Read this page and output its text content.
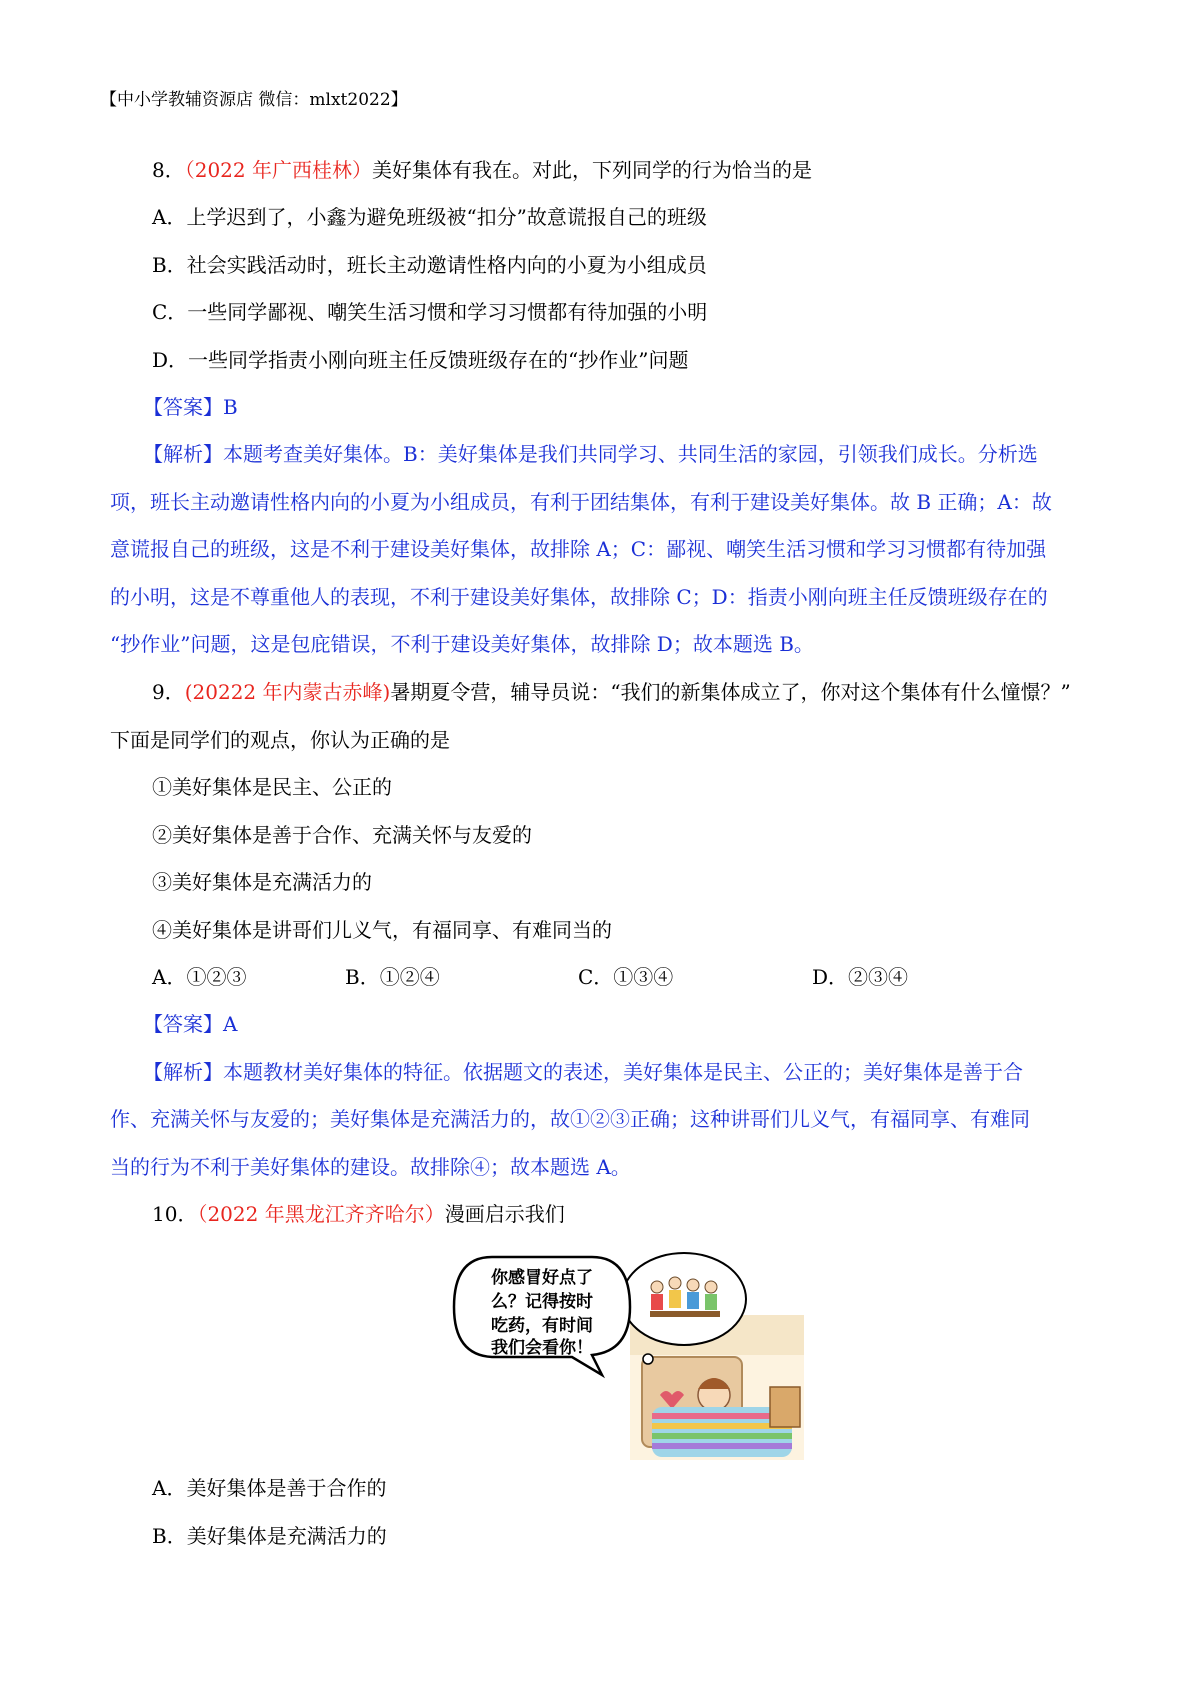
【中小学教辅资源店 微信：mlxt2022】
8．（2022 年广西桂林）美好集体有我在。对此，下列同学的行为恰当的是
A．上学迟到了，小鑫为避免班级被“扣分”故意谎报自己的班级
B．社会实践活动时，班长主动邀请性格内向的小夏为小组成员
C．一些同学鄙视、嘲笑生活习惯和学习习惯都有待加强的小明
D．一些同学指责小刚向班主任反馈班级存在的“抄作业”问题
【答案】B
【解析】本题考查美好集体。B：美好集体是我们共同学习、共同生活的家园，引领我们成长。分析选
项，班长主动邀请性格内向的小夏为小组成员，有利于团结集体，有利于建设美好集体。故 B 正确；A：故
意谎报自己的班级，这是不利于建设美好集体，故排除 A；C：鄙视、嘲笑生活习惯和学习习惯都有待加强
的小明，这是不尊重他人的表现，不利于建设美好集体，故排除 C；D：指责小刚向班主任反馈班级存在的
“抄作业”问题，这是包庇错误，不利于建设美好集体，故排除 D；故本题选 B。
9．(20222 年内蒙古赤峰)暑期夏令营，辅导员说：“我们的新集体成立了，你对这个集体有什么憧憬？”
下面是同学们的观点，你认为正确的是
①美好集体是民主、公正的
②美好集体是善于合作、充满关怀与友爱的
③美好集体是充满活力的
④美好集体是讲哥们儿义气，有福同享、有难同当的
A．①②③	B．①②④	C．①③④	D．②③④
【答案】A
【解析】本题教材美好集体的特征。依据题文的表述，美好集体是民主、公正的；美好集体是善于合
作、充满关怀与友爱的；美好集体是充满活力的，故①②③正确；这种讲哥们儿义气，有福同享、有难同
当的行为不利于美好集体的建设。故排除④；故本题选 A。
10．（2022 年黑龙江齐齐哈尔）漫画启示我们
你感冒好点了
么？记得按时
吃药，有时间
我们会看你！
A．美好集体是善于合作的
B．美好集体是充满活力的
